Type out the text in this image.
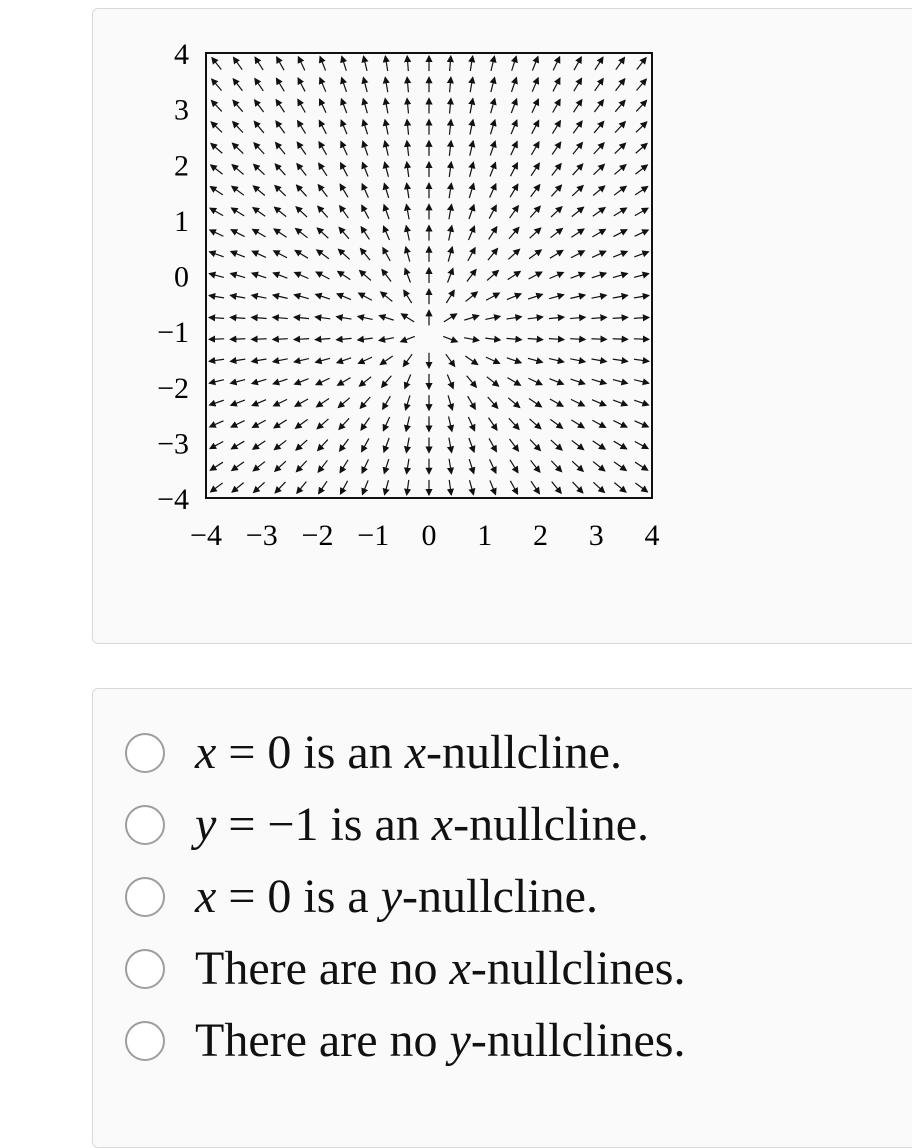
−4 −3 −2 −1 0 1 2 3 4
4
3
2
1
0
−1
−2
−3
−4
x = 0 is an x-nullcline.
y = −1 is an x-nullcline.
x = 0 is a y-nullcline.
There are no x-nullclines.
There are no y-nullclines.
